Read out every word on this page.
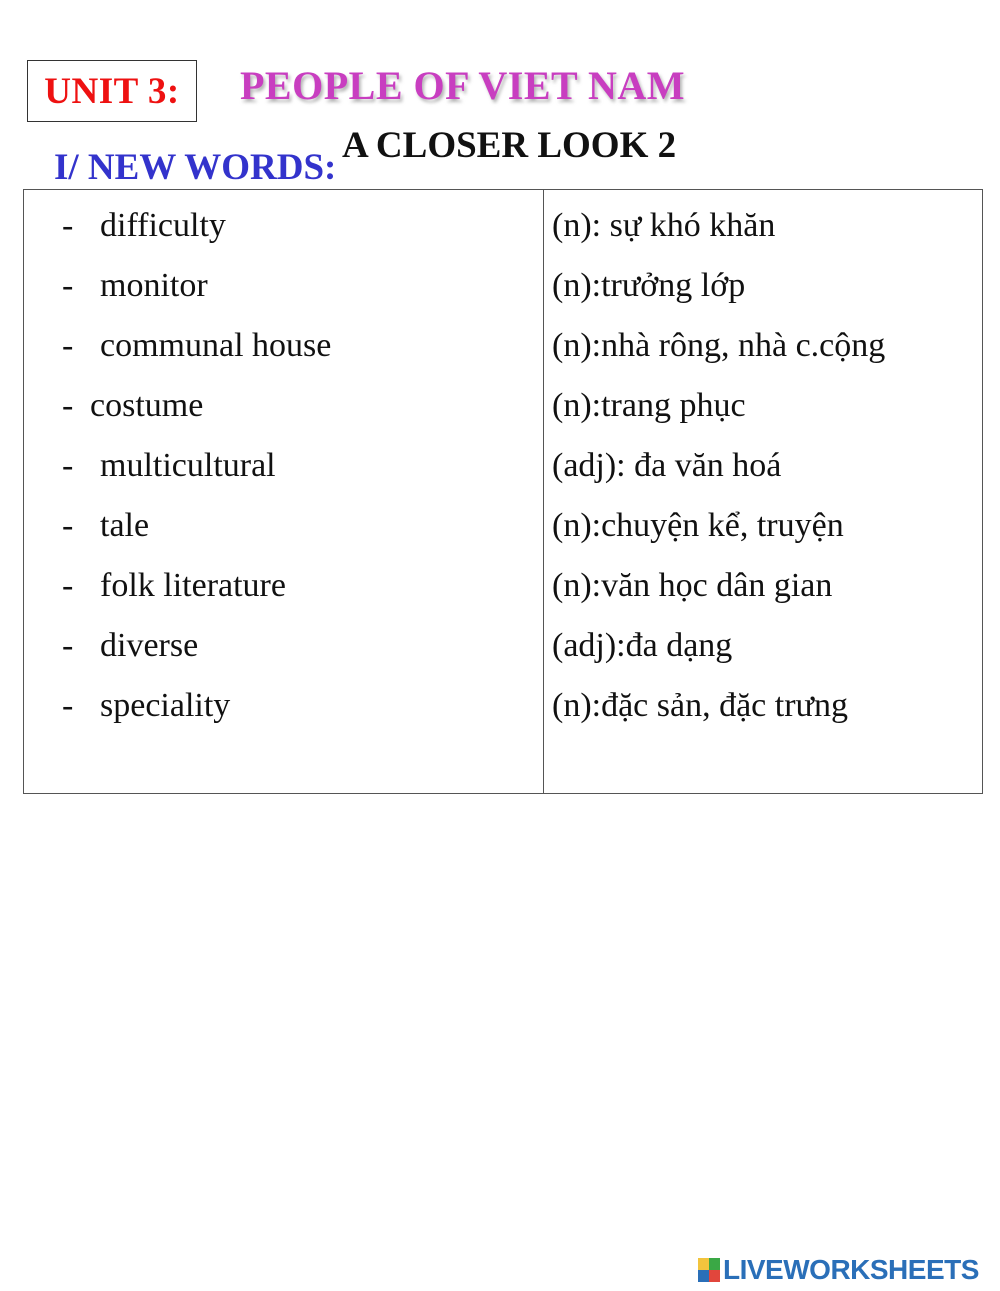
UNIT 3: PEOPLE OF VIET NAM
A CLOSER LOOK 2
I/ NEW WORDS:
- difficulty	(n): sự khó khăn
- monitor	(n):trưởng lớp
- communal house	(n):nhà rông, nhà c.cộng
- costume	(n):trang phục
- multicultural	(adj): đa văn hoá
- tale	(n):chuyện kể, truyện
- folk literature	(n):văn học dân gian
- diverse	(adj):đa dạng
- speciality	(n):đặc sản, đặc trưng
LIVEWORKSHEETS
